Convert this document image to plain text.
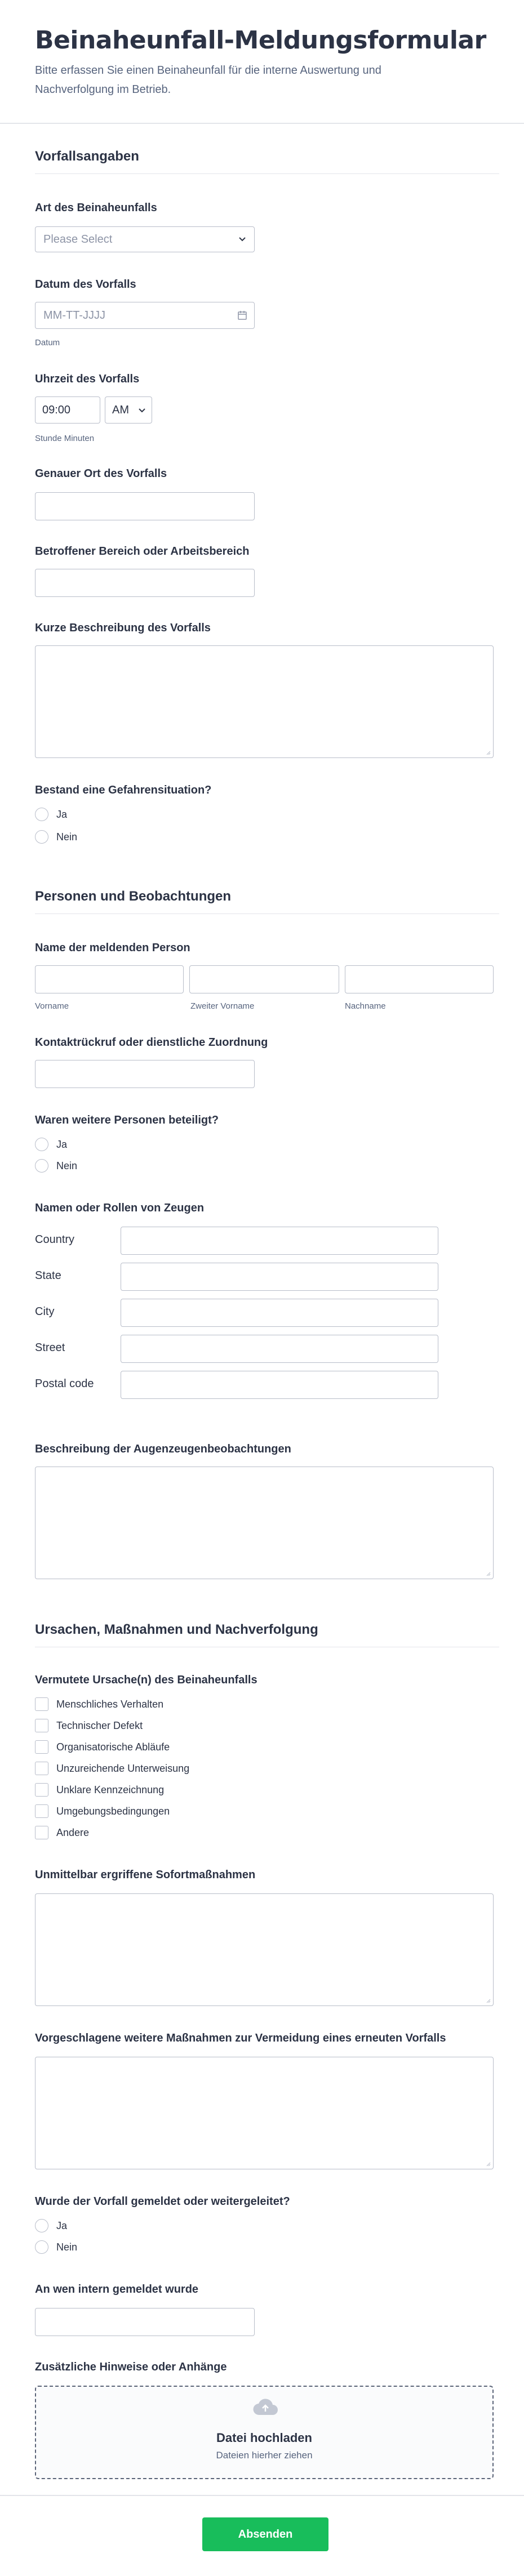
Beinaheunfall-Meldungsformular
Bitte erfassen Sie einen Beinaheunfall für die interne Auswertung und Nachverfolgung im Betrieb.
Vorfallsangaben
Art des Beinaheunfalls
Please Select
Datum des Vorfalls
MM-TT-JJJJ
Datum
Uhrzeit des Vorfalls
09:00	AM
Stunde Minuten
Genauer Ort des Vorfalls
Betroffener Bereich oder Arbeitsbereich
Kurze Beschreibung des Vorfalls
Bestand eine Gefahrensituation?
Ja
Nein
Personen und Beobachtungen
Name der meldenden Person
Vorname	Zweiter Vorname	Nachname
Kontaktrückruf oder dienstliche Zuordnung
Waren weitere Personen beteiligt?
Ja
Nein
Namen oder Rollen von Zeugen
Country
State
City
Street
Postal code
Beschreibung der Augenzeugenbeobachtungen
Ursachen, Maßnahmen und Nachverfolgung
Vermutete Ursache(n) des Beinaheunfalls
Menschliches Verhalten
Technischer Defekt
Organisatorische Abläufe
Unzureichende Unterweisung
Unklare Kennzeichnung
Umgebungsbedingungen
Andere
Unmittelbar ergriffene Sofortmaßnahmen
Vorgeschlagene weitere Maßnahmen zur Vermeidung eines erneuten Vorfalls
Wurde der Vorfall gemeldet oder weitergeleitet?
Ja
Nein
An wen intern gemeldet wurde
Zusätzliche Hinweise oder Anhänge
Datei hochladen
Dateien hierher ziehen
Absenden
